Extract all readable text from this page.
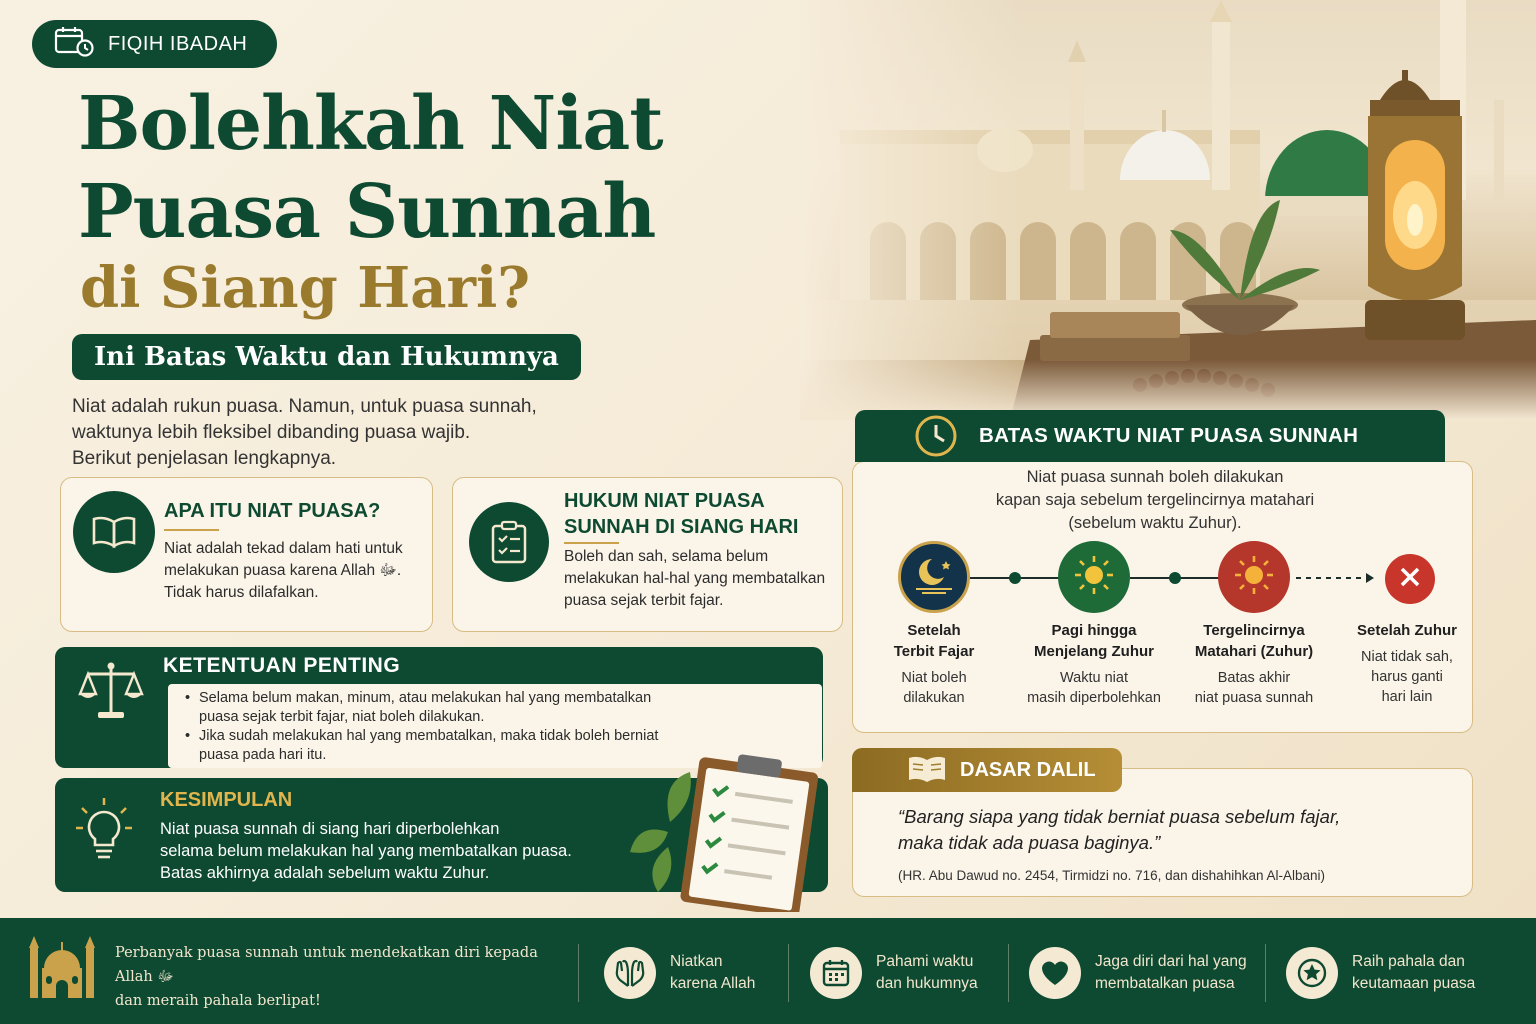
FIQIH IBADAH
Bolehkah Niat
Puasa Sunnah
di Siang Hari?
Ini Batas Waktu dan Hukumnya
Niat adalah rukun puasa. Namun, untuk puasa sunnah,
waktunya lebih fleksibel dibanding puasa wajib.
Berikut penjelasan lengkapnya.
APA ITU NIAT PUASA?
Niat adalah tekad dalam hati untuk
melakukan puasa karena Allah ﷻ.
Tidak harus dilafalkan.
HUKUM NIAT PUASA
SUNNAH DI SIANG HARI
Boleh dan sah, selama belum
melakukan hal-hal yang membatalkan
puasa sejak terbit fajar.
KETENTUAN PENTING
• Selama belum makan, minum, atau melakukan hal yang membatalkan
puasa sejak terbit fajar, niat boleh dilakukan.
• Jika sudah melakukan hal yang membatalkan, maka tidak boleh berniat
puasa pada hari itu.
KESIMPULAN
Niat puasa sunnah di siang hari diperbolehkan
selama belum melakukan hal yang membatalkan puasa.
Batas akhirnya adalah sebelum waktu Zuhur.
BATAS WAKTU NIAT PUASA SUNNAH
Niat puasa sunnah boleh dilakukan
kapan saja sebelum tergelincirnya matahari
(sebelum waktu Zuhur).
Setelah
Terbit Fajar
Niat boleh
dilakukan
Pagi hingga
Menjelang Zuhur
Waktu niat
masih diperbolehkan
Tergelincirnya
Matahari (Zuhur)
Batas akhir
niat puasa sunnah
Setelah Zuhur
Niat tidak sah,
harus ganti
hari lain
DASAR DALIL
“Barang siapa yang tidak berniat puasa sebelum fajar,
maka tidak ada puasa baginya.”
(HR. Abu Dawud no. 2454, Tirmidzi no. 716, dan dishahihkan Al-Albani)
Perbanyak puasa sunnah untuk mendekatkan diri kepada Allah ﷻ
dan meraih pahala berlipat!
Niatkan
karena Allah
Pahami waktu
dan hukumnya
Jaga diri dari hal yang
membatalkan puasa
Raih pahala dan
keutamaan puasa
